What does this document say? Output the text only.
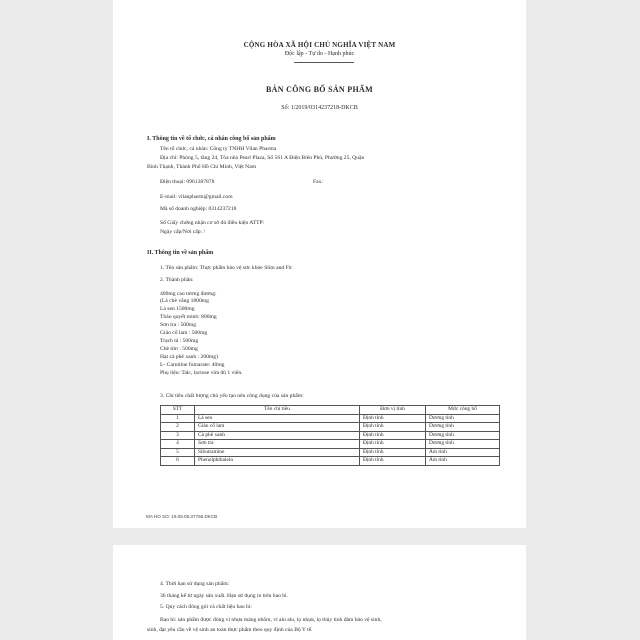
CỘNG HÒA XÃ HỘI CHỦ NGHĨA VIỆT NAM
Độc lập - Tự do - Hạnh phúc
BẢN CÔNG BỐ SẢN PHẨM
Số: 1/2019/0314237218-DKCB
I. Thông tin về tổ chức, cá nhân công bố sản phẩm
Tên tổ chức, cá nhân: Công ty TNHH Vilan Pharma
Địa chỉ: Phòng 5, tầng 24, Tòa nhà Pearl Plaza, Số 561 A Điện Biên Phủ, Phường 25, Quận
Bình Thạnh, Thành Phố Hồ Chí Minh, Việt Nam
Điện thoại: 0961387878	Fax:
E-mail: vilanpharm@gmail.com
Mã số doanh nghiệp: 0314237218
Số Giấy chứng nhận cơ sở đủ điều kiện ATTP:
Ngày cấp/Nơi cấp: /
II. Thông tin về sản phẩm
1. Tên sản phẩm: Thực phẩm bảo vệ sức khỏe Slim and Fit
2. Thành phần:
400mg cao tương đương:
(Lá chè vằng 1800mg
Lá sen 1500mg
Thảo quyết minh: 800mg
Sơn tra : 500mg
Giảo cổ lam : 500mg
Trạch tả : 500mg
Chè tím : 500mg
Hạt cà phê xanh : 200mg)
L- Carnitine fumarate: 40mg
Phụ liệu: Talc, lactose vừa đủ 1 viên.
3. Chỉ tiêu chất lượng chủ yếu tạo nên công dụng của sản phẩm:
STT	Tên chỉ tiêu	Đơn vị tính	Mức công bố
1	Lá sen	Định tính	Dương tính
2	Giảo cổ lam	Định tính	Dương tính
3	Cà phê xanh	Định tính	Dương tính
4	Sơn tra	Định tính	Dương tính
5	Sibutramine	Định tính	Âm tính
6	Phenolphthalein	Định tính	Âm tính
MA HO SO: 19.05.06.37766.DKCB
4. Thời hạn sử dụng sản phẩm:
36 tháng kể từ ngày sản xuất. Hạn sử dụng in trên bao bì.
5. Quy cách đóng gói và chất liệu bao bì:
Bao bì: sản phẩm được đóng vỉ nhựa màng nhôm, vỉ alu alu, lọ nhựa, lọ thủy tinh đảm bảo vệ sinh,
sinh, đạt yêu cầu về vệ sinh an toàn thực phẩm theo quy định của Bộ Y tế.
